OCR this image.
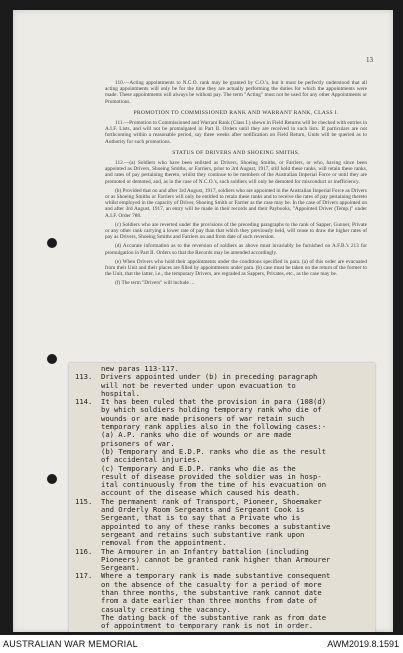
13

110.—Acting appointments to N.C.O. rank may be granted by C.O.'s, but it must be perfectly understood that all acting appointments will only be for the time they are actually performing the duties for which the appointments were made. These appointments will always be without pay. The term "Acting" must not be used for any other Appointments or Promotions.

PROMOTION TO COMMISSIONED RANK AND WARRANT RANK, CLASS I.

111.—Promotion to Commissioned and Warrant Rank (Class I.) shewn in Field Returns will be checked with entries in A.I.F. Lists, and will not be promulgated in Part II. Orders until they are received in such lists. If particulars are not forthcoming within a reasonable period, say three weeks after notification on Field Return, Units will be queried as to Authority for such promotions.

STATUS OF DRIVERS AND SHOEING SMITHS.

112.—(a) Soldiers who have been enlisted as Drivers, Shoeing Smiths, or Farriers, or who, having since been appointed as Drivers, Shoeing Smiths, or Farriers, prior to 3rd August, 1917, still hold these ranks, will retain these ranks, and rates of pay pertaining thereto, whilst they continue to be members of the Australian Imperial Force or until they are promoted or demoted, and, as in the case of N.C.O.'s, such soldiers will only be demoted for misconduct or inefficiency.

(b) Provided that on and after 3rd August, 1917, soldiers who are appointed in the Australian Imperial Force as Drivers or as Shoeing Smiths or Farriers will only be entitled to retain these ranks and to receive the rates of pay pertaining thereto whilst employed in the capacity of Driver, Shoeing Smith or Farrier as the case may be. In the case of Drivers appointed on and after 3rd August, 1917, an entry will be made in their records and their Paybooks, "Appointed Driver (Temp.)" under A.I.F. Order 788.

(c) Soldiers who are reverted under the provisions of the preceding paragraphs to the rank of Sapper, Gunner, Private or any other rank carrying a lower rate of pay than that which they previously held, will cease to draw the higher rates of pay as Drivers, Shoeing Smiths and Farriers on and from date of such reversion.

(d) Accurate information as to the reversion of soldiers as above must invariably be furnished on A.F.B.'s 213 for promulgation in Part II. Orders so that the Records may be amended accordingly.

(e) When Drivers who hold their appointments under the conditions specified in para. (a) of this order are evacuated from their Unit and their places are filled by appointments under para. (b) case must be taken on the return of the former to the Unit, that the latter, i.e., the temporary Drivers, are regraded as Sappers, Privates, etc., as the case may be.

(f) The term "Drivers" will include ...

new paras 113-117.
113.	Drivers appointed under (b) in preceding paragraph
will not be reverted under upon evacuation to
hospital.
114.	It has been ruled that the provision in para (108(d)
by which soldiers holding temporary rank who die of
wounds or are made prisoners of war retain such
temporary rank applies also in the following cases:-
(a) A.P. ranks who die of wounds or are made
prisoners of war.
(b) Temporary and E.D.P. ranks who die as the result
of accidental injuries.
(c) Temporary and E.D.P. ranks who die as the
result of disease provided the soldier was in hosp-
ital continuously from the time of his evacuation on
account of the disease which caused his death.
115.	The permanent rank of Transport, Pioneer, Shoemaker
and Orderly Room Sergeants and Sergeant Cook is
Sergeant, that is to say that a Private who is
appointed to any of these ranks becomes a substantive
sergeant and retains such substantive rank upon
removal from the appointment.
116.	The Armourer in an Infantry battalion (including
Pioneers) cannot be granted rank higher than Armourer
Sergeant.
117.	Where a temporary rank is made substantive consequent
on the absence of the casualty for a period of more
than three months, the substantive rank cannot date
from a date earlier than three months from date of
casualty creating the vacancy.
The dating back of the substantive rank as from date
of appointment to temporary rank is not in order.
AUSTRALIAN WAR MEMORIAL	AWM2019.8.1591
